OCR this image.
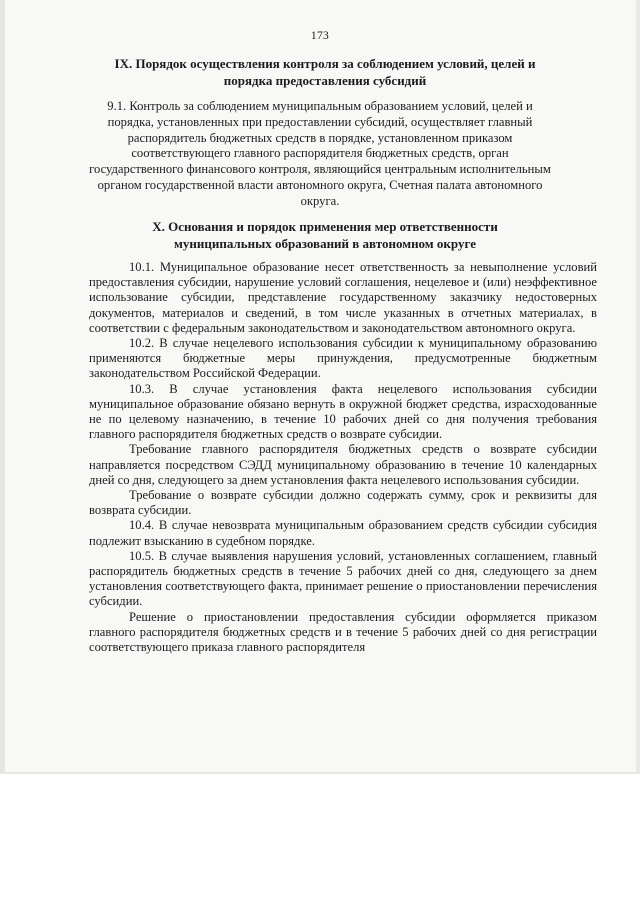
173
IX. Порядок осуществления контроля за соблюдением условий, целей и порядка предоставления субсидий
9.1. Контроль за соблюдением муниципальным образованием условий, целей и порядка, установленных при предоставлении субсидий, осуществляет главный распорядитель бюджетных средств в порядке, установленном приказом соответствующего главного распорядителя бюджетных средств, орган государственного финансового контроля, являющийся центральным исполнительным органом государственной власти автономного округа, Счетная палата автономного округа.
X. Основания и порядок применения мер ответственности муниципальных образований в автономном округе

10.1. Муниципальное образование несет ответственность за невыполнение условий предоставления субсидии, нарушение условий соглашения, нецелевое и (или) неэффективное использование субсидии, представление государственному заказчику недостоверных документов, материалов и сведений, в том числе указанных в отчетных материалах, в соответствии с федеральным законодательством и законодательством автономного округа.

10.2. В случае нецелевого использования субсидии к муниципальному образованию применяются бюджетные меры принуждения, предусмотренные бюджетным законодательством Российской Федерации.

10.3. В случае установления факта нецелевого использования субсидии муниципальное образование обязано вернуть в окружной бюджет средства, израсходованные не по целевому назначению, в течение 10 рабочих дней со дня получения требования главного распорядителя бюджетных средств о возврате субсидии.

Требование главного распорядителя бюджетных средств о возврате субсидии направляется посредством СЭДД муниципальному образованию в течение 10 календарных дней со дня, следующего за днем установления факта нецелевого использования субсидии.

Требование о возврате субсидии должно содержать сумму, срок и реквизиты для возврата субсидии.

10.4. В случае невозврата муниципальным образованием средств субсидии субсидия подлежит взысканию в судебном порядке.

10.5. В случае выявления нарушения условий, установленных соглашением, главный распорядитель бюджетных средств в течение 5 рабочих дней со дня, следующего за днем установления соответствующего факта, принимает решение о приостановлении перечисления субсидии.

Решение о приостановлении предоставления субсидии оформляется приказом главного распорядителя бюджетных средств и в течение 5 рабочих дней со дня регистрации соответствующего приказа главного распорядителя
